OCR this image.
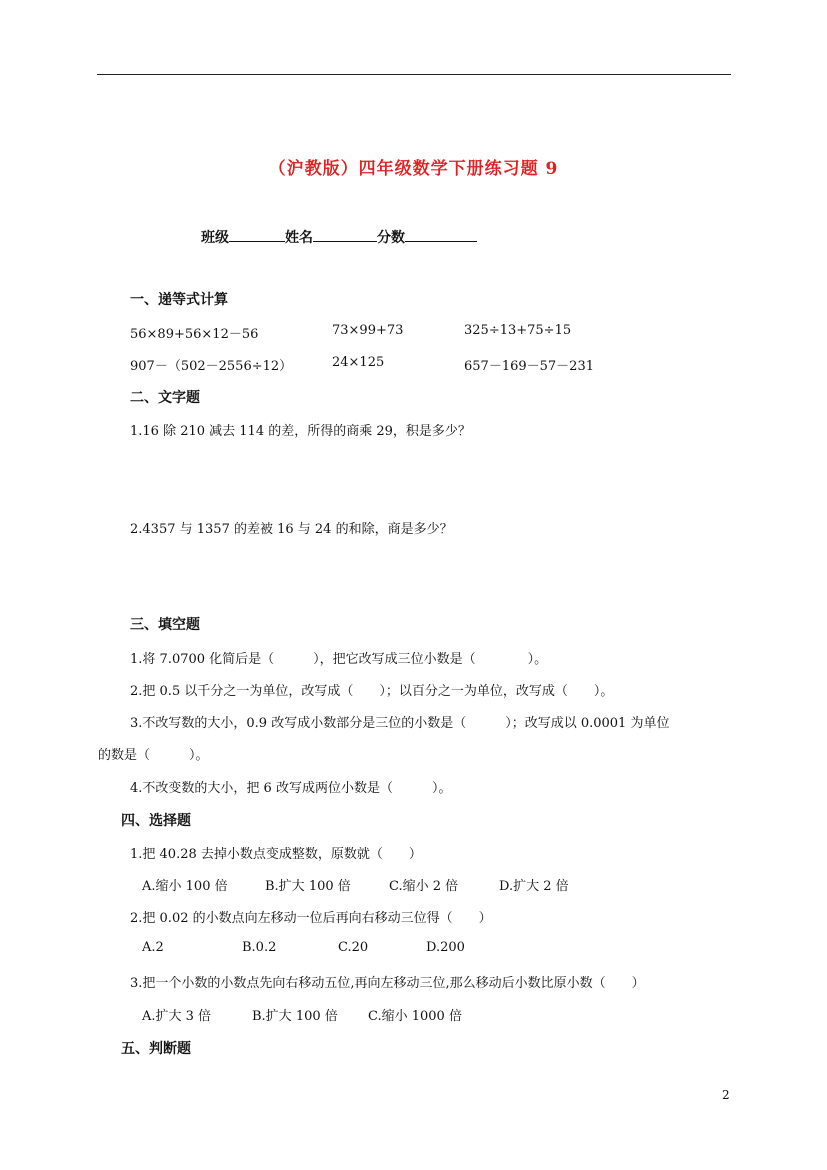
（沪教版）四年级数学下册练习题 9
班级	姓名	分数
一、递等式计算
56×89+56×12－56	73×99+73	325÷13+75÷15
907－（502－2556÷12）	24×125	657－169－57－231
二、文字题
1.16 除 210 减去 114 的差，所得的商乘 29，积是多少？
2.4357 与 1357 的差被 16 与 24 的和除，商是多少？
三、填空题
1.将 7.0700 化简后是（　　　），把它改写成三位小数是（　　　　）。
2.把 0.5 以千分之一为单位，改写成（　　）；以百分之一为单位，改写成（　　）。
3.不改写数的大小，0.9 改写成小数部分是三位的小数是（　　　）；改写成以 0.0001 为单位
的数是（　　　）。
4.不改变数的大小，把 6 改写成两位小数是（　　　）。
四、选择题
1.把 40.28 去掉小数点变成整数，原数就（　　）
A.缩小 100 倍	B.扩大 100 倍	C.缩小 2 倍	D.扩大 2 倍
2.把 0.02 的小数点向左移动一位后再向右移动三位得（　　）
A.2	B.0.2	C.20	D.200
3.把一个小数的小数点先向右移动五位,再向左移动三位,那么移动后小数比原小数（　　）
A.扩大 3 倍	B.扩大 100 倍 C.缩小 1000 倍
五、判断题
2
